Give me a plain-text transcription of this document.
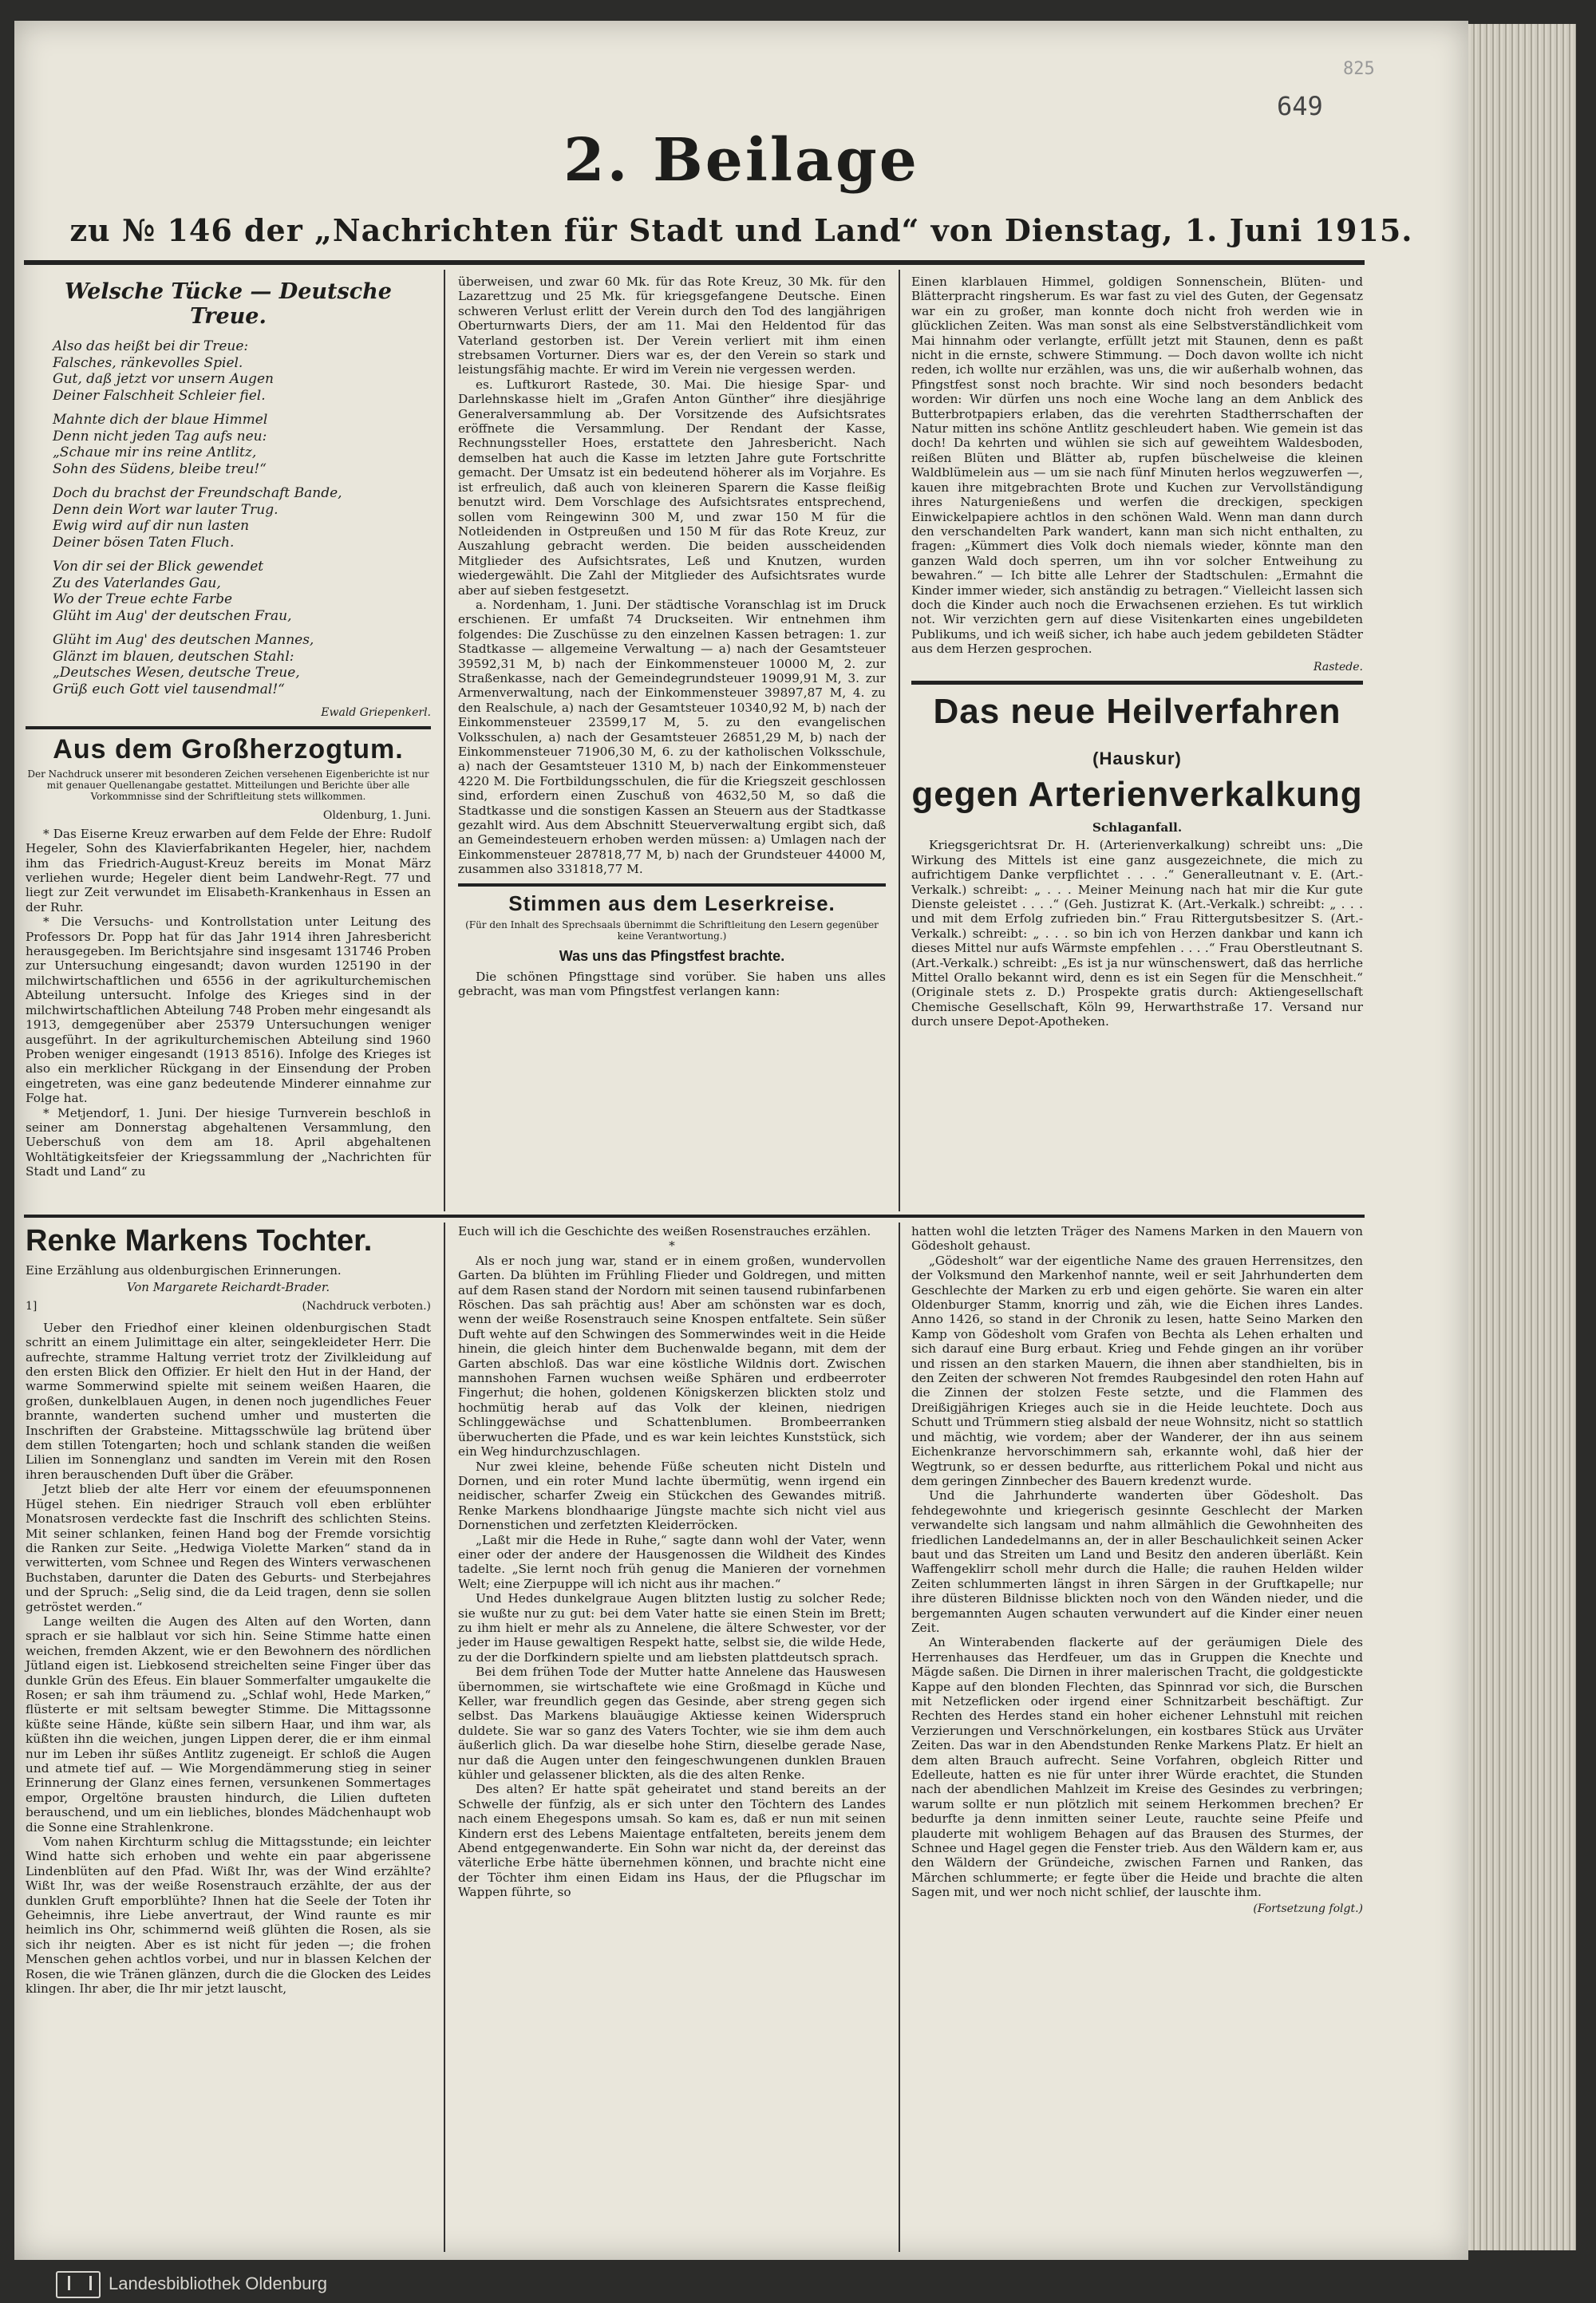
825
649
2. Beilage
zu № 146 der „Nachrichten für Stadt und Land“ von Dienstag, 1. Juni 1915.
Welsche Tücke — Deutsche Treue.
Also das heißt bei dir Treue:
Falsches, ränkevolles Spiel.
Gut, daß jetzt vor unsern Augen
Deiner Falschheit Schleier fiel.
Mahnte dich der blaue Himmel
Denn nicht jeden Tag aufs neu:
„Schaue mir ins reine Antlitz,
Sohn des Südens, bleibe treu!“
Doch du brachst der Freundschaft Bande,
Denn dein Wort war lauter Trug.
Ewig wird auf dir nun lasten
Deiner bösen Taten Fluch.
Von dir sei der Blick gewendet
Zu des Vaterlandes Gau,
Wo der Treue echte Farbe
Glüht im Aug' der deutschen Frau,
Glüht im Aug' des deutschen Mannes,
Glänzt im blauen, deutschen Stahl:
„Deutsches Wesen, deutsche Treue,
Grüß euch Gott viel tausendmal!“
Ewald Griepenkerl.
Aus dem Großherzogtum.
Der Nachdruck unserer mit besonderen Zeichen versehenen Eigenberichte ist nur mit genauer Quellenangabe gestattet. Mitteilungen und Berichte über alle Vorkommnisse sind der Schriftleitung stets willkommen.
Oldenburg, 1. Juni.

* Das Eiserne Kreuz erwarben auf dem Felde der Ehre: Rudolf Hegeler, Sohn des Klavierfabrikanten Hegeler, hier, nachdem ihm das Friedrich-August-Kreuz bereits im Monat März verliehen wurde; Hegeler dient beim Landwehr-Regt. 77 und liegt zur Zeit verwundet im Elisabeth-Krankenhaus in Essen an der Ruhr.

* Die Versuchs- und Kontrollstation unter Leitung des Professors Dr. Popp hat für das Jahr 1914 ihren Jahresbericht herausgegeben. Im Berichtsjahre sind insgesamt 131746 Proben zur Untersuchung eingesandt; davon wurden 125190 in der milchwirtschaftlichen und 6556 in der agrikulturchemischen Abteilung untersucht. Infolge des Krieges sind in der milchwirtschaftlichen Abteilung 748 Proben mehr eingesandt als 1913, demgegenüber aber 25379 Untersuchungen weniger ausgeführt. In der agrikulturchemischen Abteilung sind 1960 Proben weniger eingesandt (1913 8516). Infolge des Krieges ist also ein merklicher Rückgang in der Einsendung der Proben eingetreten, was eine ganz bedeutende Minderer einnahme zur Folge hat.

* Metjendorf, 1. Juni. Der hiesige Turnverein beschloß in seiner am Donnerstag abgehaltenen Versammlung, den Ueberschuß von dem am 18. April abgehaltenen Wohltätigkeitsfeier der Kriegssammlung der „Nachrichten für Stadt und Land“ zu

überweisen, und zwar 60 Mk. für das Rote Kreuz, 30 Mk. für den Lazarettzug und 25 Mk. für kriegsgefangene Deutsche. Einen schweren Verlust erlitt der Verein durch den Tod des langjährigen Oberturnwarts Diers, der am 11. Mai den Heldentod für das Vaterland gestorben ist. Der Verein verliert mit ihm einen strebsamen Vorturner. Diers war es, der den Verein so stark und leistungsfähig machte. Er wird im Verein nie vergessen werden.

es. Luftkurort Rastede, 30. Mai. Die hiesige Spar- und Darlehnskasse hielt im „Grafen Anton Günther“ ihre diesjährige Generalversammlung ab. Der Vorsitzende des Aufsichtsrates eröffnete die Versammlung. Der Rendant der Kasse, Rechnungssteller Hoes, erstattete den Jahresbericht. Nach demselben hat auch die Kasse im letzten Jahre gute Fortschritte gemacht. Der Umsatz ist ein bedeutend höherer als im Vorjahre. Es ist erfreulich, daß auch von kleineren Sparern die Kasse fleißig benutzt wird. Dem Vorschlage des Aufsichtsrates entsprechend, sollen vom Reingewinn 300 M, und zwar 150 M für die Notleidenden in Ostpreußen und 150 M für das Rote Kreuz, zur Auszahlung gebracht werden. Die beiden ausscheidenden Mitglieder des Aufsichtsrates, Leß und Knutzen, wurden wiedergewählt. Die Zahl der Mitglieder des Aufsichtsrates wurde aber auf sieben festgesetzt.

a. Nordenham, 1. Juni. Der städtische Voranschlag ist im Druck erschienen. Er umfaßt 74 Druckseiten. Wir entnehmen ihm folgendes: Die Zuschüsse zu den einzelnen Kassen betragen: 1. zur Stadtkasse — allgemeine Verwaltung — a) nach der Gesamtsteuer 39592,31 M, b) nach der Einkommensteuer 10000 M, 2. zur Straßenkasse, nach der Gemeindegrundsteuer 19099,91 M, 3. zur Armenverwaltung, nach der Einkommensteuer 39897,87 M, 4. zu den Realschule, a) nach der Gesamtsteuer 10340,92 M, b) nach der Einkommensteuer 23599,17 M, 5. zu den evangelischen Volksschulen, a) nach der Gesamtsteuer 26851,29 M, b) nach der Einkommensteuer 71906,30 M, 6. zu der katholischen Volksschule, a) nach der Gesamtsteuer 1310 M, b) nach der Einkommensteuer 4220 M. Die Fortbildungsschulen, die für die Kriegszeit geschlossen sind, erfordern einen Zuschuß von 4632,50 M, so daß die Stadtkasse und die sonstigen Kassen an Steuern aus der Stadtkasse gezahlt wird. Aus dem Abschnitt Steuerverwaltung ergibt sich, daß an Gemeindesteuern erhoben werden müssen: a) Umlagen nach der Einkommensteuer 287818,77 M, b) nach der Grundsteuer 44000 M, zusammen also 331818,77 M.

Stimmen aus dem Leserkreise.
(Für den Inhalt des Sprechsaals übernimmt die Schriftleitung den Lesern gegenüber keine Verantwortung.)
Was uns das Pfingstfest brachte.

Die schönen Pfingsttage sind vorüber. Sie haben uns alles gebracht, was man vom Pfingstfest verlangen kann:

Einen klarblauen Himmel, goldigen Sonnenschein, Blüten- und Blätterpracht ringsherum. Es war fast zu viel des Guten, der Gegensatz war ein zu großer, man konnte doch nicht froh werden wie in glücklichen Zeiten. Was man sonst als eine Selbstverständlichkeit vom Mai hinnahm oder verlangte, erfüllt jetzt mit Staunen, denn es paßt nicht in die ernste, schwere Stimmung. — Doch davon wollte ich nicht reden, ich wollte nur erzählen, was uns, die wir außerhalb wohnen, das Pfingstfest sonst noch brachte. Wir sind noch besonders bedacht worden: Wir dürfen uns noch eine Woche lang an dem Anblick des Butterbrotpapiers erlaben, das die verehrten Stadtherrschaften der Natur mitten ins schöne Antlitz geschleudert haben. Wie gemein ist das doch! Da kehrten und wühlen sie sich auf geweihtem Waldesboden, reißen Blüten und Blätter ab, rupfen büschelweise die kleinen Waldblümelein aus — um sie nach fünf Minuten herlos wegzuwerfen —, kauen ihre mitgebrachten Brote und Kuchen zur Vervollständigung ihres Naturgenießens und werfen die dreckigen, speckigen Einwickelpapiere achtlos in den schönen Wald. Wenn man dann durch den verschandelten Park wandert, kann man sich nicht enthalten, zu fragen: „Kümmert dies Volk doch niemals wieder, könnte man den ganzen Wald doch sperren, um ihn vor solcher Entweihung zu bewahren.“ — Ich bitte alle Lehrer der Stadtschulen: „Ermahnt die Kinder immer wieder, sich anständig zu betragen.“ Vielleicht lassen sich doch die Kinder auch noch die Erwachsenen erziehen. Es tut wirklich not. Wir verzichten gern auf diese Visitenkarten eines ungebildeten Publikums, und ich weiß sicher, ich habe auch jedem gebildeten Städter aus dem Herzen gesprochen.

Rastede.
Das neue Heilverfahren (Hauskur)
gegen Arterienverkalkung
Schlaganfall.

Kriegsgerichtsrat Dr. H. (Arterienverkalkung) schreibt uns: „Die Wirkung des Mittels ist eine ganz ausgezeichnete, die mich zu aufrichtigem Danke verpflichtet . . . .“ Generalleutnant v. E. (Art.-Verkalk.) schreibt: „ . . . Meiner Meinung nach hat mir die Kur gute Dienste geleistet . . . .“ (Geh. Justizrat K. (Art.-Verkalk.) schreibt: „ . . . und mit dem Erfolg zufrieden bin.“ Frau Rittergutsbesitzer S. (Art.-Verkalk.) schreibt: „ . . . so bin ich von Herzen dankbar und kann ich dieses Mittel nur aufs Wärmste empfehlen . . . .“ Frau Oberstleutnant S. (Art.-Verkalk.) schreibt: „Es ist ja nur wünschenswert, daß das herrliche Mittel Orallo bekannt wird, denn es ist ein Segen für die Menschheit.“ (Originale stets z. D.) Prospekte gratis durch: Aktiengesellschaft Chemische Gesellschaft, Köln 99, Herwarthstraße 17. Versand nur durch unsere Depot-Apotheken.

Renke Markens Tochter.
Eine Erzählung aus oldenburgischen Erinnerungen.
Von Margarete Reichardt-Brader.
1]	(Nachdruck verboten.)

Ueber den Friedhof einer kleinen oldenburgischen Stadt schritt an einem Julimittage ein alter, seingekleideter Herr. Die aufrechte, stramme Haltung verriet trotz der Zivilkleidung auf den ersten Blick den Offizier. Er hielt den Hut in der Hand, der warme Sommerwind spielte mit seinem weißen Haaren, die großen, dunkelblauen Augen, in denen noch jugendliches Feuer brannte, wanderten suchend umher und musterten die Inschriften der Grabsteine. Mittagsschwüle lag brütend über dem stillen Totengarten; hoch und schlank standen die weißen Lilien im Sonnenglanz und sandten im Verein mit den Rosen ihren berauschenden Duft über die Gräber.

Jetzt blieb der alte Herr vor einem der efeuumsponnenen Hügel stehen. Ein niedriger Strauch voll eben erblühter Monatsrosen verdeckte fast die Inschrift des schlichten Steins. Mit seiner schlanken, feinen Hand bog der Fremde vorsichtig die Ranken zur Seite. „Hedwiga Violette Marken“ stand da in verwitterten, vom Schnee und Regen des Winters verwaschenen Buchstaben, darunter die Daten des Geburts- und Sterbejahres und der Spruch: „Selig sind, die da Leid tragen, denn sie sollen getröstet werden.“

Lange weilten die Augen des Alten auf den Worten, dann sprach er sie halblaut vor sich hin. Seine Stimme hatte einen weichen, fremden Akzent, wie er den Bewohnern des nördlichen Jütland eigen ist. Liebkosend streichelten seine Finger über das dunkle Grün des Efeus. Ein blauer Sommerfalter umgaukelte die Rosen; er sah ihm träumend zu. „Schlaf wohl, Hede Marken,“ flüsterte er mit seltsam bewegter Stimme. Die Mittagssonne küßte seine Hände, küßte sein silbern Haar, und ihm war, als küßten ihn die weichen, jungen Lippen derer, die er ihm einmal nur im Leben ihr süßes Antlitz zugeneigt. Er schloß die Augen und atmete tief auf. — Wie Morgendämmerung stieg in seiner Erinnerung der Glanz eines fernen, versunkenen Sommertages empor, Orgeltöne brausten hindurch, die Lilien dufteten berauschend, und um ein liebliches, blondes Mädchenhaupt wob die Sonne eine Strahlenkrone.

Vom nahen Kirchturm schlug die Mittagsstunde; ein leichter Wind hatte sich erhoben und wehte ein paar abgerissene Lindenblüten auf den Pfad. Wißt Ihr, was der Wind erzählte? Wißt Ihr, was der weiße Rosenstrauch erzählte, der aus der dunklen Gruft emporblühte? Ihnen hat die Seele der Toten ihr Geheimnis, ihre Liebe anvertraut, der Wind raunte es mir heimlich ins Ohr, schimmernd weiß glühten die Rosen, als sie sich ihr neigten. Aber es ist nicht für jeden —; die frohen Menschen gehen achtlos vorbei, und nur in blassen Kelchen der Rosen, die wie Tränen glänzen, durch die die Glocken des Leides klingen. Ihr aber, die Ihr mir jetzt lauscht,

Euch will ich die Geschichte des weißen Rosenstrauches erzählen.

*

Als er noch jung war, stand er in einem großen, wundervollen Garten. Da blühten im Frühling Flieder und Goldregen, und mitten auf dem Rasen stand der Nordorn mit seinen tausend rubinfarbenen Röschen. Das sah prächtig aus! Aber am schönsten war es doch, wenn der weiße Rosenstrauch seine Knospen entfaltete. Sein süßer Duft wehte auf den Schwingen des Sommerwindes weit in die Heide hinein, die gleich hinter dem Buchenwalde begann, mit dem der Garten abschloß. Das war eine köstliche Wildnis dort. Zwischen mannshohen Farnen wuchsen weiße Sphären und erdbeerroter Fingerhut; die hohen, goldenen Königskerzen blickten stolz und hochmütig herab auf das Volk der kleinen, niedrigen Schlinggewächse und Schattenblumen. Brombeerranken überwucherten die Pfade, und es war kein leichtes Kunststück, sich ein Weg hindurchzuschlagen.

Nur zwei kleine, behende Füße scheuten nicht Disteln und Dornen, und ein roter Mund lachte übermütig, wenn irgend ein neidischer, scharfer Zweig ein Stückchen des Gewandes mitriß. Renke Markens blondhaarige Jüngste machte sich nicht viel aus Dornenstichen und zerfetzten Kleiderröcken.

„Laßt mir die Hede in Ruhe,“ sagte dann wohl der Vater, wenn einer oder der andere der Hausgenossen die Wildheit des Kindes tadelte. „Sie lernt noch früh genug die Manieren der vornehmen Welt; eine Zierpuppe will ich nicht aus ihr machen.“

Und Hedes dunkelgraue Augen blitzten lustig zu solcher Rede; sie wußte nur zu gut: bei dem Vater hatte sie einen Stein im Brett; zu ihm hielt er mehr als zu Annelene, die ältere Schwester, vor der jeder im Hause gewaltigen Respekt hatte, selbst sie, die wilde Hede, zu der die Dorfkindern spielte und am liebsten plattdeutsch sprach.

Bei dem frühen Tode der Mutter hatte Annelene das Hauswesen übernommen, sie wirtschaftete wie eine Großmagd in Küche und Keller, war freundlich gegen das Gesinde, aber streng gegen sich selbst. Das Markens blauäugige Aktiesse keinen Widerspruch duldete. Sie war so ganz des Vaters Tochter, wie sie ihm dem auch äußerlich glich. Da war dieselbe hohe Stirn, dieselbe gerade Nase, nur daß die Augen unter den feingeschwungenen dunklen Brauen kühler und gelassener blickten, als die des alten Renke.

Des alten? Er hatte spät geheiratet und stand bereits an der Schwelle der fünfzig, als er sich unter den Töchtern des Landes nach einem Ehegespons umsah. So kam es, daß er nun mit seinen Kindern erst des Lebens Maientage entfalteten, bereits jenem dem Abend entgegenwanderte. Ein Sohn war nicht da, der dereinst das väterliche Erbe hätte übernehmen können, und brachte nicht eine der Töchter ihm einen Eidam ins Haus, der die Pflugschar im Wappen führte, so

hatten wohl die letzten Träger des Namens Marken in den Mauern von Gödesholt gehaust.

„Gödesholt“ war der eigentliche Name des grauen Herrensitzes, den der Volksmund den Markenhof nannte, weil er seit Jahrhunderten dem Geschlechte der Marken zu erb und eigen gehörte. Sie waren ein alter Oldenburger Stamm, knorrig und zäh, wie die Eichen ihres Landes. Anno 1426, so stand in der Chronik zu lesen, hatte Seino Marken den Kamp von Gödesholt vom Grafen von Bechta als Lehen erhalten und sich darauf eine Burg erbaut. Krieg und Fehde gingen an ihr vorüber und rissen an den starken Mauern, die ihnen aber standhielten, bis in den Zeiten der schweren Not fremdes Raubgesindel den roten Hahn auf die Zinnen der stolzen Feste setzte, und die Flammen des Dreißigjährigen Krieges auch sie in die Heide leuchtete. Doch aus Schutt und Trümmern stieg alsbald der neue Wohnsitz, nicht so stattlich und mächtig, wie vordem; aber der Wanderer, der ihn aus seinem Eichenkranze hervorschimmern sah, erkannte wohl, daß hier der Wegtrunk, so er dessen bedurfte, aus ritterlichem Pokal und nicht aus dem geringen Zinnbecher des Bauern kredenzt wurde.

Und die Jahrhunderte wanderten über Gödesholt. Das fehdegewohnte und kriegerisch gesinnte Geschlecht der Marken verwandelte sich langsam und nahm allmählich die Gewohnheiten des friedlichen Landedelmanns an, der in aller Beschaulichkeit seinen Acker baut und das Streiten um Land und Besitz den anderen überläßt. Kein Waffengeklirr scholl mehr durch die Halle; die rauhen Helden wilder Zeiten schlummerten längst in ihren Särgen in der Gruftkapelle; nur ihre düsteren Bildnisse blickten noch von den Wänden nieder, und die bergemannten Augen schauten verwundert auf die Kinder einer neuen Zeit.

An Winterabenden flackerte auf der geräumigen Diele des Herrenhauses das Herdfeuer, um das in Gruppen die Knechte und Mägde saßen. Die Dirnen in ihrer malerischen Tracht, die goldgestickte Kappe auf den blonden Flechten, das Spinnrad vor sich, die Burschen mit Netzeflicken oder irgend einer Schnitzarbeit beschäftigt. Zur Rechten des Herdes stand ein hoher eichener Lehnstuhl mit reichen Verzierungen und Verschnörkelungen, ein kostbares Stück aus Urväter Zeiten. Das war in den Abendstunden Renke Markens Platz. Er hielt an dem alten Brauch aufrecht. Seine Vorfahren, obgleich Ritter und Edelleute, hatten es nie für unter ihrer Würde erachtet, die Stunden nach der abendlichen Mahlzeit im Kreise des Gesindes zu verbringen; warum sollte er nun plötzlich mit seinem Herkommen brechen? Er bedurfte ja denn inmitten seiner Leute, rauchte seine Pfeife und plauderte mit wohligem Behagen auf das Brausen des Sturmes, der Schnee und Hagel gegen die Fenster trieb. Aus den Wäldern kam er, aus den Wäldern der Gründeiche, zwischen Farnen und Ranken, das Märchen schlummerte; er fegte über die Heide und brachte die alten Sagen mit, und wer noch nicht schlief, der lauschte ihm.

(Fortsetzung folgt.)
Landesbibliothek Oldenburg
